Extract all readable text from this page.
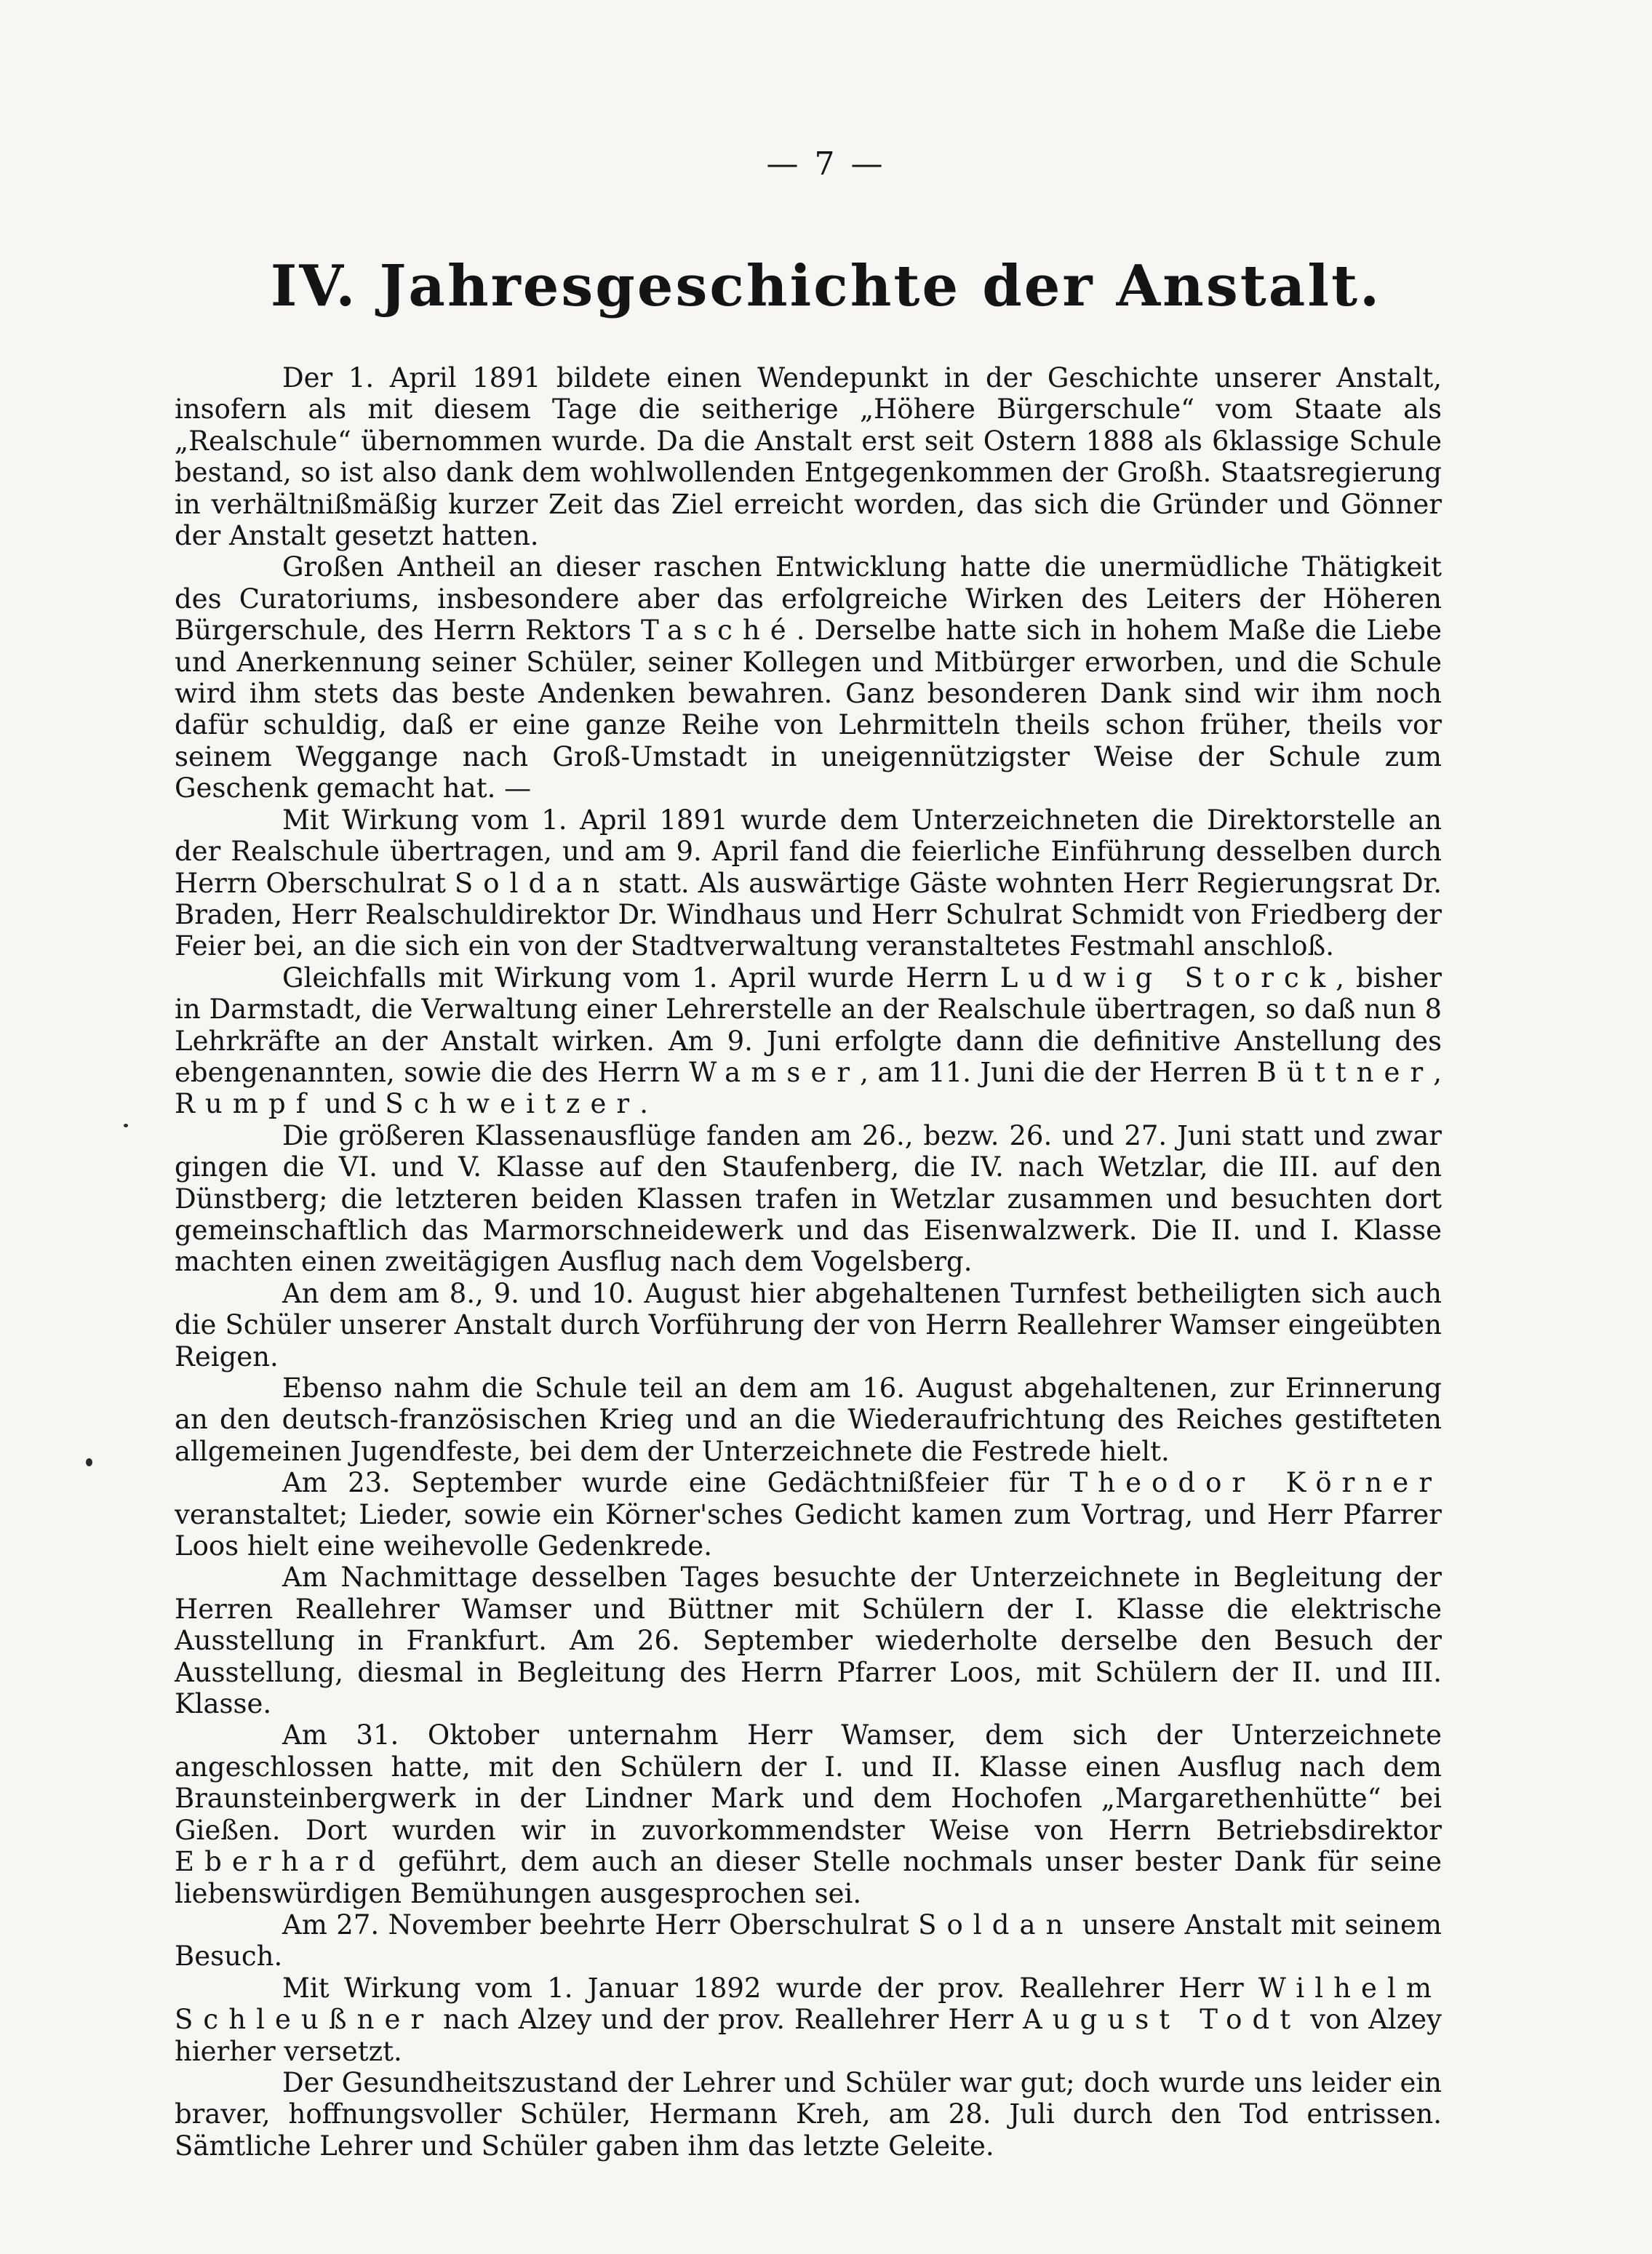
— 7 —
IV. Jahresgeschichte der Anstalt.

Der 1. April 1891 bildete einen Wendepunkt in der Geschichte unserer Anstalt, insofern als mit diesem Tage die seitherige „Höhere Bürgerschule“ vom Staate als „Realschule“ übernommen wurde. Da die Anstalt erst seit Ostern 1888 als 6klassige Schule bestand, so ist also dank dem wohlwollenden Entgegenkommen der Großh. Staatsregierung in verhältnißmäßig kurzer Zeit das Ziel erreicht worden, das sich die Gründer und Gönner der Anstalt gesetzt hatten.

Großen Antheil an dieser raschen Entwicklung hatte die unermüdliche Thätigkeit des Curatoriums, insbesondere aber das erfolgreiche Wirken des Leiters der Höheren Bürgerschule, des Herrn Rektors Tasché. Derselbe hatte sich in hohem Maße die Liebe und Anerkennung seiner Schüler, seiner Kollegen und Mitbürger erworben, und die Schule wird ihm stets das beste Andenken bewahren. Ganz besonderen Dank sind wir ihm noch dafür schuldig, daß er eine ganze Reihe von Lehrmitteln theils schon früher, theils vor seinem Weggange nach Groß-Umstadt in uneigennützigster Weise der Schule zum Geschenk gemacht hat. —

Mit Wirkung vom 1. April 1891 wurde dem Unterzeichneten die Direktorstelle an der Realschule übertragen, und am 9. April fand die feierliche Einführung desselben durch Herrn Oberschulrat Soldan statt. Als auswärtige Gäste wohnten Herr Regierungsrat Dr. Braden, Herr Realschuldirektor Dr. Windhaus und Herr Schulrat Schmidt von Friedberg der Feier bei, an die sich ein von der Stadtverwaltung veranstaltetes Festmahl anschloß.

Gleichfalls mit Wirkung vom 1. April wurde Herrn Ludwig Storck, bisher in Darmstadt, die Verwaltung einer Lehrerstelle an der Realschule übertragen, so daß nun 8 Lehrkräfte an der Anstalt wirken. Am 9. Juni erfolgte dann die definitive Anstellung des ebengenannten, sowie die des Herrn Wamser, am 11. Juni die der Herren Büttner, Rumpf und Schweitzer.

Die größeren Klassenausflüge fanden am 26., bezw. 26. und 27. Juni statt und zwar gingen die VI. und V. Klasse auf den Staufenberg, die IV. nach Wetzlar, die III. auf den Dünstberg; die letzteren beiden Klassen trafen in Wetzlar zusammen und besuchten dort gemeinschaftlich das Marmorschneidewerk und das Eisenwalzwerk. Die II. und I. Klasse machten einen zweitägigen Ausflug nach dem Vogelsberg.

An dem am 8., 9. und 10. August hier abgehaltenen Turnfest betheiligten sich auch die Schüler unserer Anstalt durch Vorführung der von Herrn Reallehrer Wamser eingeübten Reigen.

Ebenso nahm die Schule teil an dem am 16. August abgehaltenen, zur Erinnerung an den deutsch-französischen Krieg und an die Wiederaufrichtung des Reiches gestifteten allgemeinen Jugendfeste, bei dem der Unterzeichnete die Festrede hielt.

Am 23. September wurde eine Gedächtnißfeier für Theodor Körner veranstaltet; Lieder, sowie ein Körner'sches Gedicht kamen zum Vortrag, und Herr Pfarrer Loos hielt eine weihevolle Gedenkrede.

Am Nachmittage desselben Tages besuchte der Unterzeichnete in Begleitung der Herren Reallehrer Wamser und Büttner mit Schülern der I. Klasse die elektrische Ausstellung in Frankfurt. Am 26. September wiederholte derselbe den Besuch der Ausstellung, diesmal in Begleitung des Herrn Pfarrer Loos, mit Schülern der II. und III. Klasse.

Am 31. Oktober unternahm Herr Wamser, dem sich der Unterzeichnete angeschlossen hatte, mit den Schülern der I. und II. Klasse einen Ausflug nach dem Braunsteinbergwerk in der Lindner Mark und dem Hochofen „Margarethenhütte“ bei Gießen. Dort wurden wir in zuvorkommendster Weise von Herrn Betriebsdirektor Eberhard geführt, dem auch an dieser Stelle nochmals unser bester Dank für seine liebenswürdigen Bemühungen ausgesprochen sei.

Am 27. November beehrte Herr Oberschulrat Soldan unsere Anstalt mit seinem Besuch.

Mit Wirkung vom 1. Januar 1892 wurde der prov. Reallehrer Herr Wilhelm Schleußner nach Alzey und der prov. Reallehrer Herr August Todt von Alzey hierher versetzt.

Der Gesundheitszustand der Lehrer und Schüler war gut; doch wurde uns leider ein braver, hoffnungsvoller Schüler, Hermann Kreh, am 28. Juli durch den Tod entrissen. Sämtliche Lehrer und Schüler gaben ihm das letzte Geleite.
